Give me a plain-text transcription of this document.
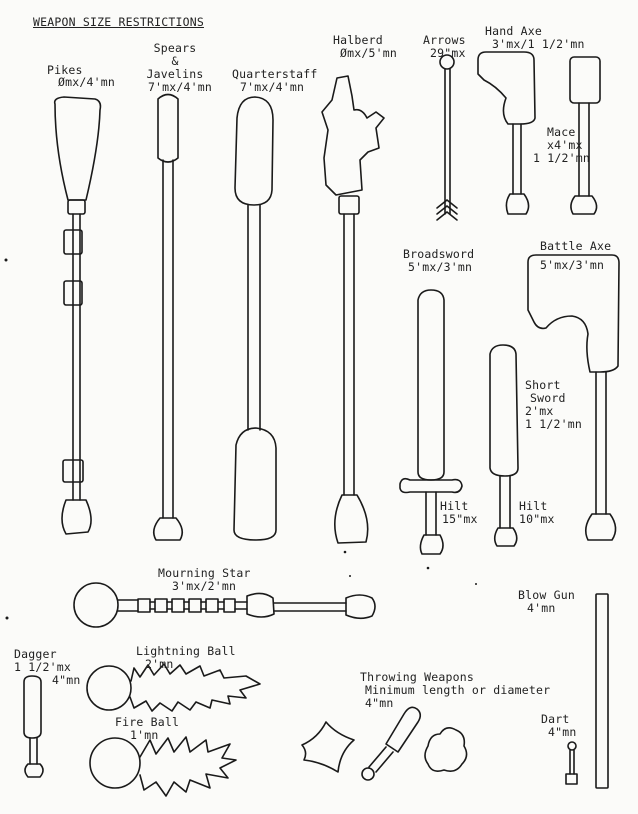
WEAPON SIZE RESTRICTIONS
Pikes
Ømx/4'mn
Spears
&
Javelins
7'mx/4'mn
Quarterstaff
7'mx/4'mn
Halberd
Ømx/5'mn
Arrows
29"mx
Hand Axe
3'mx/1 1/2'mn
Mace
x4'mx
1 1/2'mn
Broadsword
5'mx/3'mn
Battle Axe
5'mx/3'mn
Short
Sword
2'mx
1 1/2'mn
Hilt
15"mx
Hilt
10"mx
Mourning Star
3'mx/2'mn
Blow Gun
4'mn
Dagger
1 1/2'mx
4"mn
Lightning Ball
2'mn
Fire Ball
1'mn
Throwing Weapons
Minimum length or diameter
4"mn
Dart
4"mn
